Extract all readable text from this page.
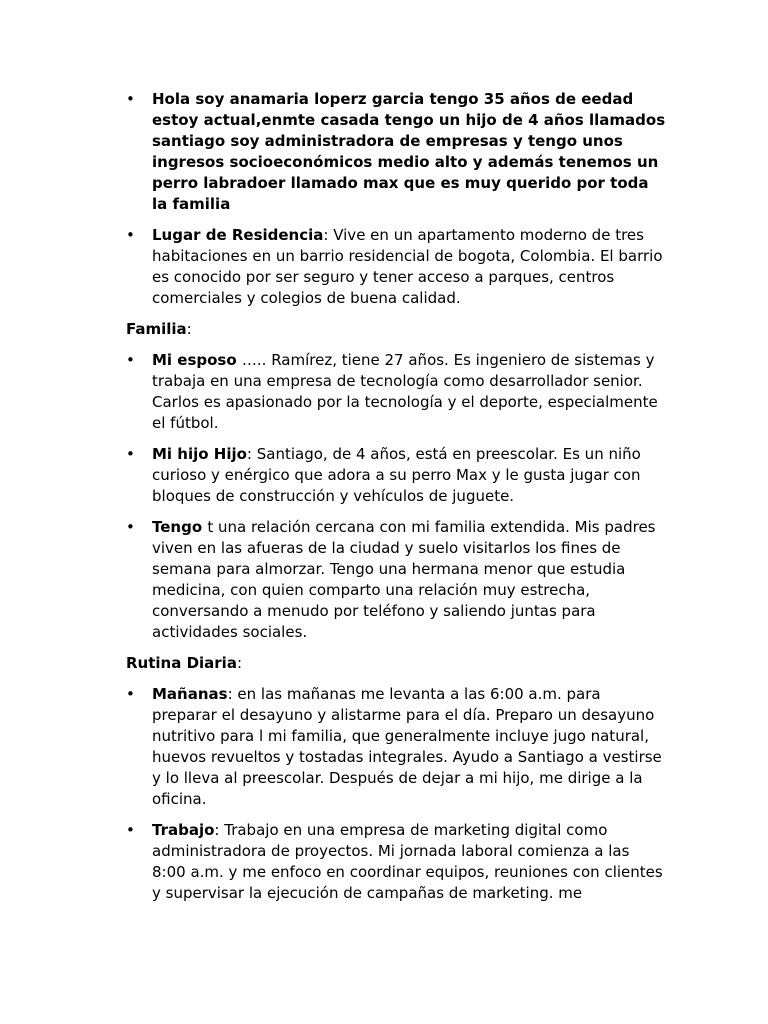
• Hola soy anamaria loperz garcia tengo 35 años de eedad estoy actual,enmte casada tengo un hijo de 4 años llamados santiago soy administradora de empresas y tengo unos ingresos socioeconómicos medio alto y además tenemos un perro labradoer llamado max que es muy querido por toda la familia
• Lugar de Residencia: Vive en un apartamento moderno de tres habitaciones en un barrio residencial de bogota, Colombia. El barrio es conocido por ser seguro y tener acceso a parques, centros comerciales y colegios de buena calidad.
Familia:
• Mi esposo ….. Ramírez, tiene 27 años. Es ingeniero de sistemas y trabaja en una empresa de tecnología como desarrollador senior. Carlos es apasionado por la tecnología y el deporte, especialmente el fútbol.
• Mi hijo Hijo: Santiago, de 4 años, está en preescolar. Es un niño curioso y enérgico que adora a su perro Max y le gusta jugar con bloques de construcción y vehículos de juguete.
• Tengo t una relación cercana con mi familia extendida. Mis padres viven en las afueras de la ciudad y suelo visitarlos los fines de semana para almorzar. Tengo una hermana menor que estudia medicina, con quien comparto una relación muy estrecha, conversando a menudo por teléfono y saliendo juntas para actividades sociales.
Rutina Diaria:
• Mañanas: en las mañanas me levanta a las 6:00 a.m. para preparar el desayuno y alistarme para el día. Preparo un desayuno nutritivo para l mi familia, que generalmente incluye jugo natural, huevos revueltos y tostadas integrales. Ayudo a Santiago a vestirse y lo lleva al preescolar. Después de dejar a mi hijo, me dirige a la oficina.
• Trabajo: Trabajo en una empresa de marketing digital como administradora de proyectos. Mi jornada laboral comienza a las 8:00 a.m. y me enfoco en coordinar equipos, reuniones con clientes y supervisar la ejecución de campañas de marketing. me
